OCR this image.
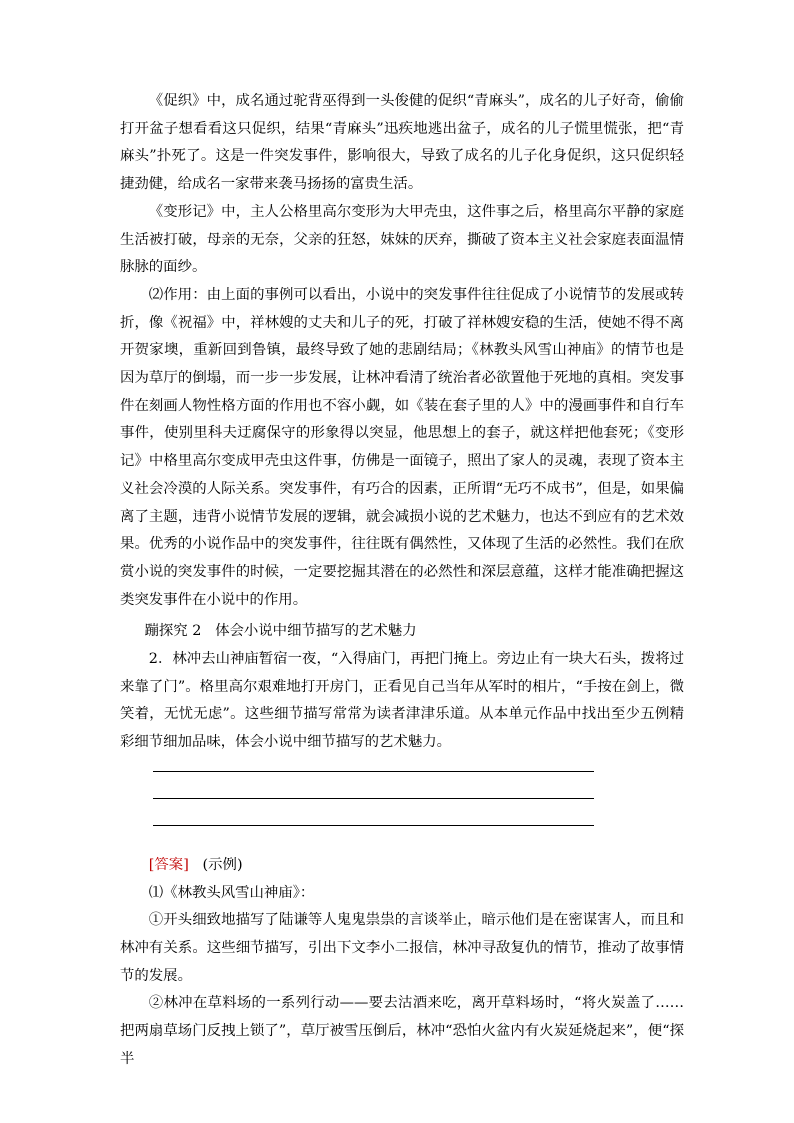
《促织》中，成名通过驼背巫得到一头俊健的促织“青麻头”，成名的儿子好奇，偷偷打开盆子想看看这只促织，结果“青麻头”迅疾地逃出盆子，成名的儿子慌里慌张，把“青麻头”扑死了。这是一件突发事件，影响很大，导致了成名的儿子化身促织，这只促织轻捷劲健，给成名一家带来袭马扬扬的富贵生活。

《变形记》中，主人公格里高尔变形为大甲壳虫，这件事之后，格里高尔平静的家庭生活被打破，母亲的无奈，父亲的狂怒，妹妹的厌弃，撕破了资本主义社会家庭表面温情脉脉的面纱。

⑵作用：由上面的事例可以看出，小说中的突发事件往往促成了小说情节的发展或转折，像《祝福》中，祥林嫂的丈夫和儿子的死，打破了祥林嫂安稳的生活，使她不得不离开贺家墺，重新回到鲁镇，最终导致了她的悲剧结局；《林教头风雪山神庙》的情节也是因为草厅的倒塌，而一步一步发展，让林冲看清了统治者必欲置他于死地的真相。突发事件在刻画人物性格方面的作用也不容小觑，如《装在套子里的人》中的漫画事件和自行车事件，使别里科夫迂腐保守的形象得以突显，他思想上的套子，就这样把他套死；《变形记》中格里高尔变成甲壳虫这件事，仿佛是一面镜子，照出了家人的灵魂，表现了资本主义社会冷漠的人际关系。突发事件，有巧合的因素，正所谓“无巧不成书”，但是，如果偏离了主题，违背小说情节发展的逻辑，就会减损小说的艺术魅力，也达不到应有的艺术效果。优秀的小说作品中的突发事件，往往既有偶然性，又体现了生活的必然性。我们在欣赏小说的突发事件的时候，一定要挖掘其潜在的必然性和深层意蕴，这样才能准确把握这类突发事件在小说中的作用。

蹦探究 2 体会小说中细节描写的艺术魅力

2．林冲去山神庙暂宿一夜，“入得庙门，再把门掩上。旁边止有一块大石头，拨将过来靠了门”。格里高尔艰难地打开房门，正看见自己当年从军时的相片，“手按在剑上，微笑着，无忧无虑”。这些细节描写常常为读者津津乐道。从本单元作品中找出至少五例精彩细节细加品味，体会小说中细节描写的艺术魅力。

[答案] (示例)

⑴《林教头风雪山神庙》：

①开头细致地描写了陆谦等人鬼鬼祟祟的言谈举止，暗示他们是在密谋害人，而且和林冲有关系。这些细节描写，引出下文李小二报信，林冲寻敌复仇的情节，推动了故事情节的发展。

②林冲在草料场的一系列行动——要去沽酒来吃，离开草料场时，“将火炭盖了……把两扇草场门反拽上锁了”，草厅被雪压倒后，林冲“恐怕火盆内有火炭延烧起来”，便“探半
